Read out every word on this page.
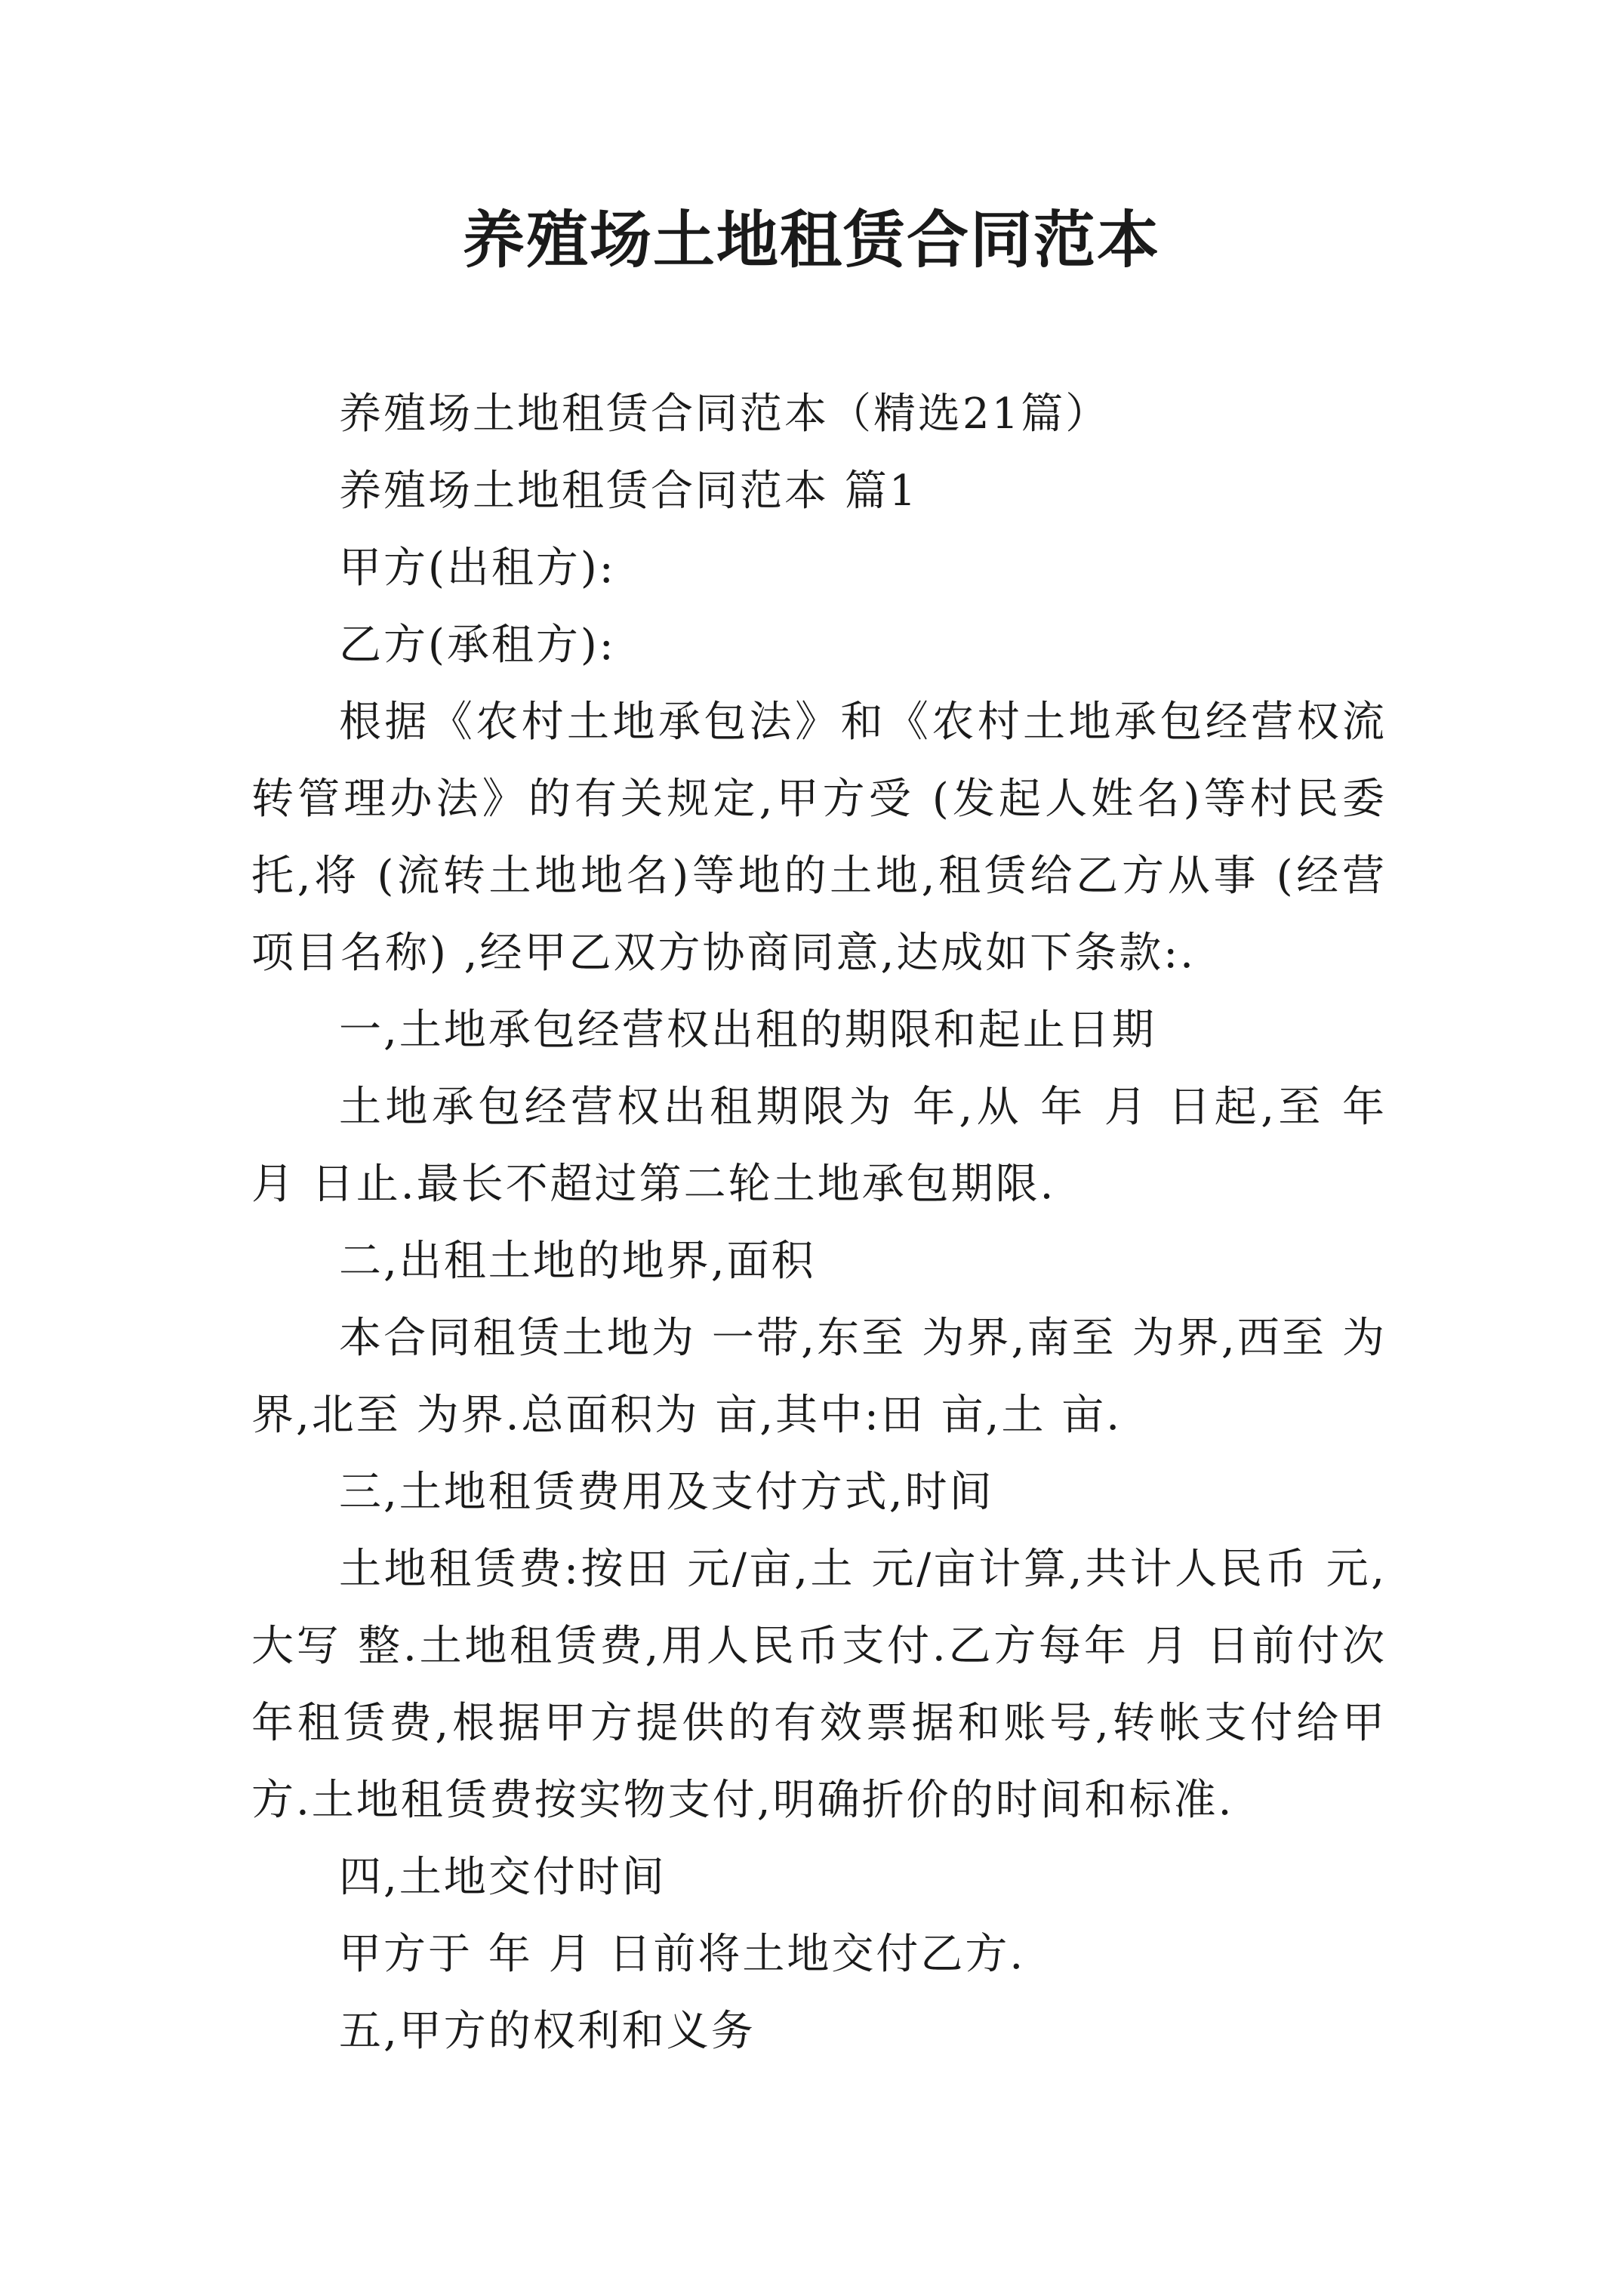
养殖场土地租赁合同范本

养殖场土地租赁合同范本（精选21篇）

养殖场土地租赁合同范本 篇1

甲方(出租方):

乙方(承租方):

根据《农村土地承包法》和《农村土地承包经营权流转管理办法》的有关规定,甲方受 (发起人姓名)等村民委托,将 (流转土地地名)等地的土地,租赁给乙方从事 (经营项目名称) ,经甲乙双方协商同意,达成如下条款:.

一,土地承包经营权出租的期限和起止日期

土地承包经营权出租期限为 年,从 年 月 日起,至 年 月 日止.最长不超过第二轮土地承包期限.

二,出租土地的地界,面积

本合同租赁土地为 一带,东至 为界,南至 为界,西至 为界,北至 为界.总面积为 亩,其中:田 亩,土 亩.

三,土地租赁费用及支付方式,时间

土地租赁费:按田 元/亩,土 元/亩计算,共计人民币 元,大写 整.土地租赁费,用人民币支付.乙方每年 月 日前付次年租赁费,根据甲方提供的有效票据和账号,转帐支付给甲方.土地租赁费按实物支付,明确折价的时间和标准.

四,土地交付时间

甲方于 年 月 日前将土地交付乙方.

五,甲方的权利和义务
